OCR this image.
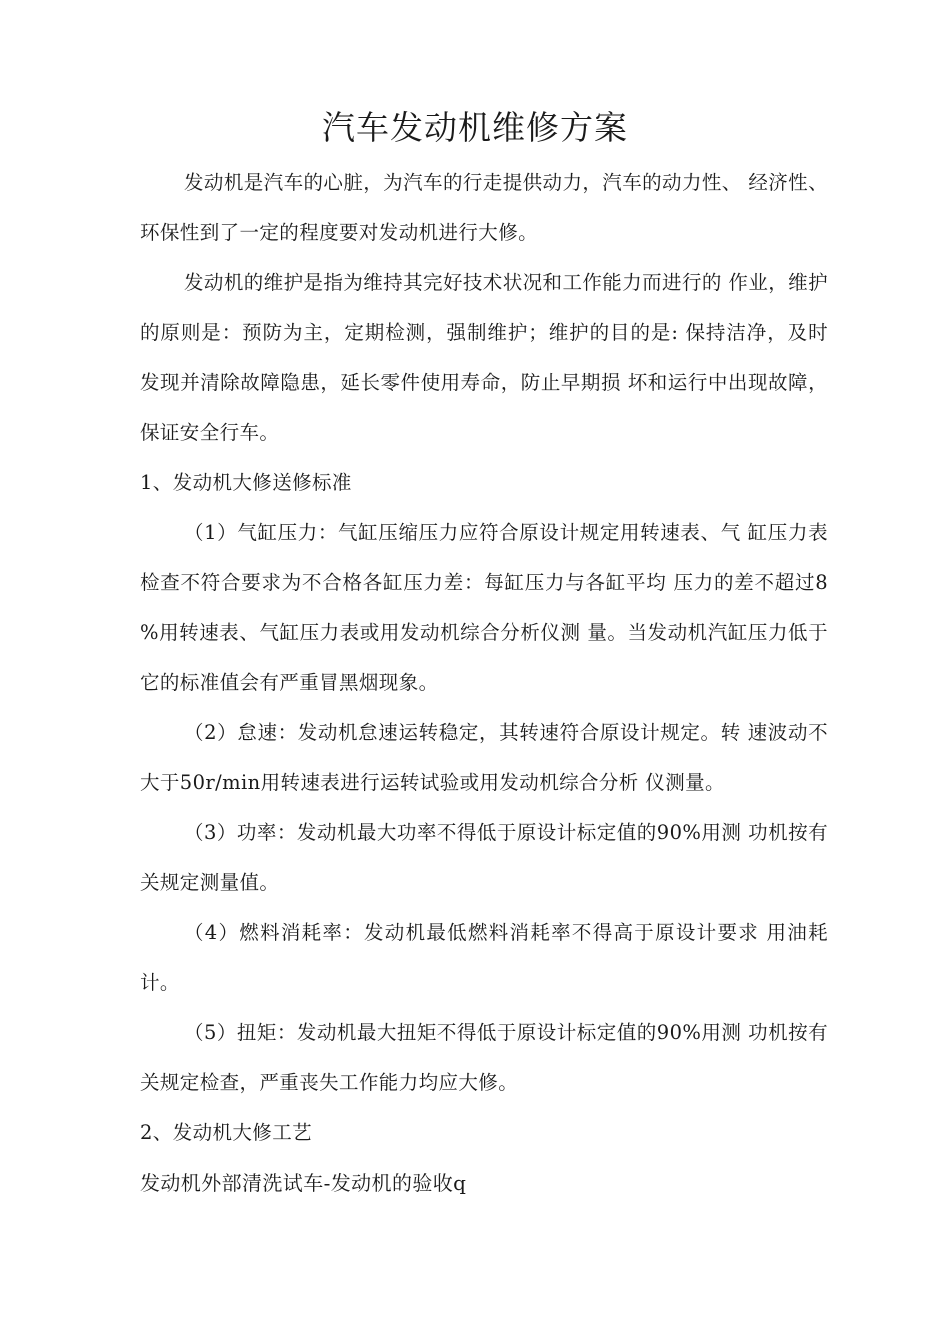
汽车发动机维修方案

发动机是汽车的心脏，为汽车的行走提供动力，汽车的动力性、 经济性、环保性到了一定的程度要对发动机进行大修。

发动机的维护是指为维持其完好技术状况和工作能力而进行的 作业，维护的原则是：预防为主，定期检测，强制维护；维护的目的是: 保持洁净，及时发现并清除故障隐患，延长零件使用寿命，防止早期损 坏和运行中出现故障，保证安全行车。

1、发动机大修送修标准

（1）气缸压力：气缸压缩压力应符合原设计规定用转速表、气 缸压力表检查不符合要求为不合格各缸压力差：每缸压力与各缸平均 压力的差不超过8 %用转速表、气缸压力表或用发动机综合分析仪测 量。当发动机汽缸压力低于它的标准值会有严重冒黑烟现象。

（2）怠速：发动机怠速运转稳定，其转速符合原设计规定。转 速波动不大于50r/min用转速表进行运转试验或用发动机综合分析 仪测量。

（3）功率：发动机最大功率不得低于原设计标定值的90%用测 功机按有关规定测量值。

（4）燃料消耗率：发动机最低燃料消耗率不得高于原设计要求 用油耗计。

（5）扭矩：发动机最大扭矩不得低于原设计标定值的90%用测 功机按有关规定检查，严重丧失工作能力均应大修。

2、发动机大修工艺

发动机外部清洗试车-发动机的验收q
